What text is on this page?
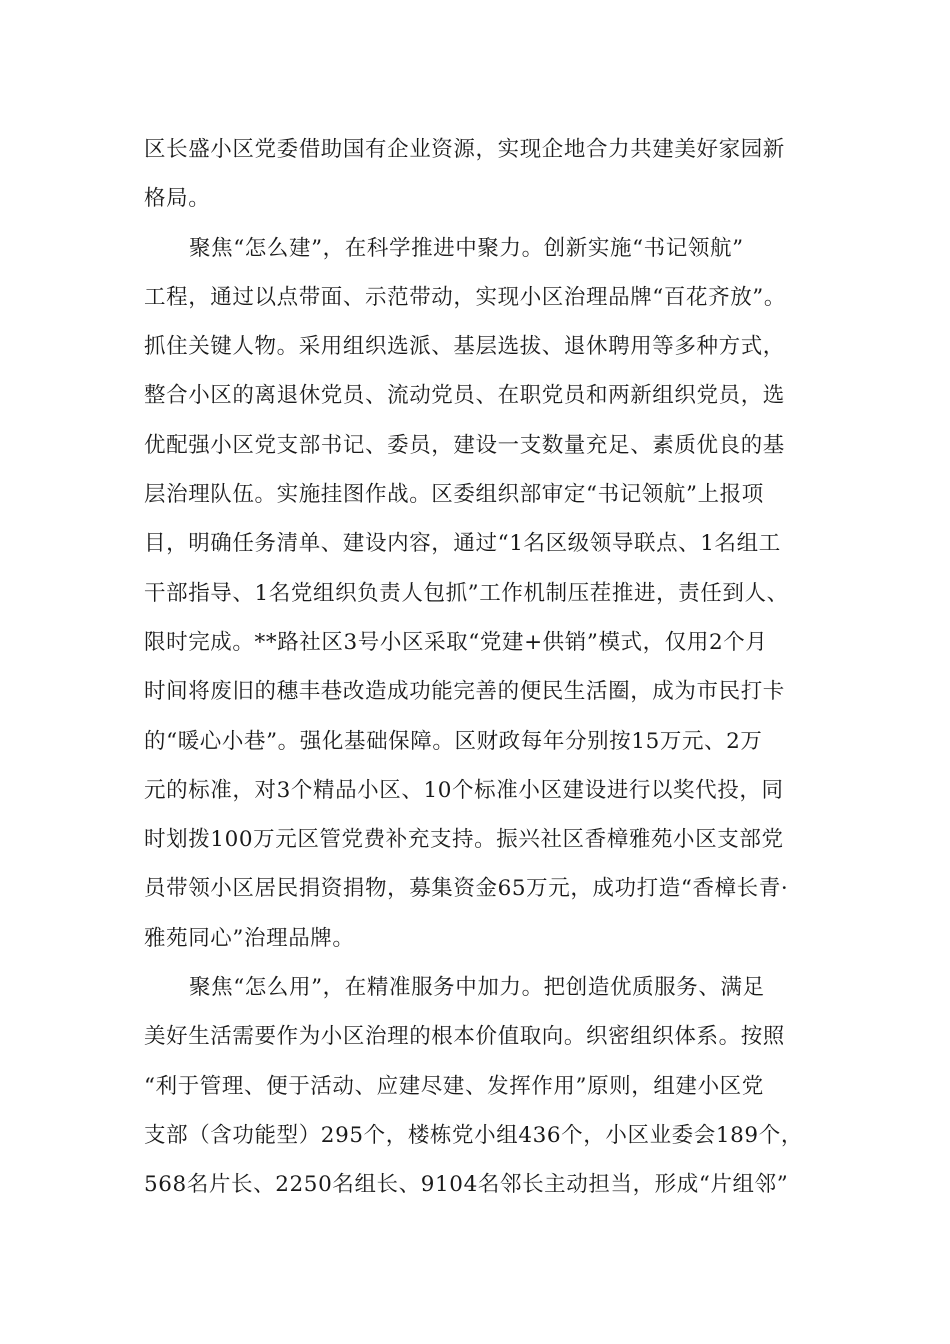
区长盛小区党委借助国有企业资源，实现企地合力共建美好家园新
格局。
聚焦“怎么建”，在科学推进中聚力。创新实施“书记领航”
工程，通过以点带面、示范带动，实现小区治理品牌“百花齐放”。
抓住关键人物。采用组织选派、基层选拔、退休聘用等多种方式，
整合小区的离退休党员、流动党员、在职党员和两新组织党员，选
优配强小区党支部书记、委员，建设一支数量充足、素质优良的基
层治理队伍。实施挂图作战。区委组织部审定“书记领航”上报项
目，明确任务清单、建设内容，通过“1名区级领导联点、1名组工
干部指导、1名党组织负责人包抓”工作机制压茬推进，责任到人、
限时完成。**路社区3号小区采取“党建+供销”模式，仅用2个月
时间将废旧的穗丰巷改造成功能完善的便民生活圈，成为市民打卡
的“暖心小巷”。强化基础保障。区财政每年分别按15万元、2万
元的标准，对3个精品小区、10个标准小区建设进行以奖代投，同
时划拨100万元区管党费补充支持。振兴社区香樟雅苑小区支部党
员带领小区居民捐资捐物，募集资金65万元，成功打造“香樟长青·
雅苑同心”治理品牌。
聚焦“怎么用”，在精准服务中加力。把创造优质服务、满足
美好生活需要作为小区治理的根本价值取向。织密组织体系。按照
“利于管理、便于活动、应建尽建、发挥作用”原则，组建小区党
支部（含功能型）295个，楼栋党小组436个，小区业委会189个，
568名片长、2250名组长、9104名邻长主动担当，形成“片组邻”
